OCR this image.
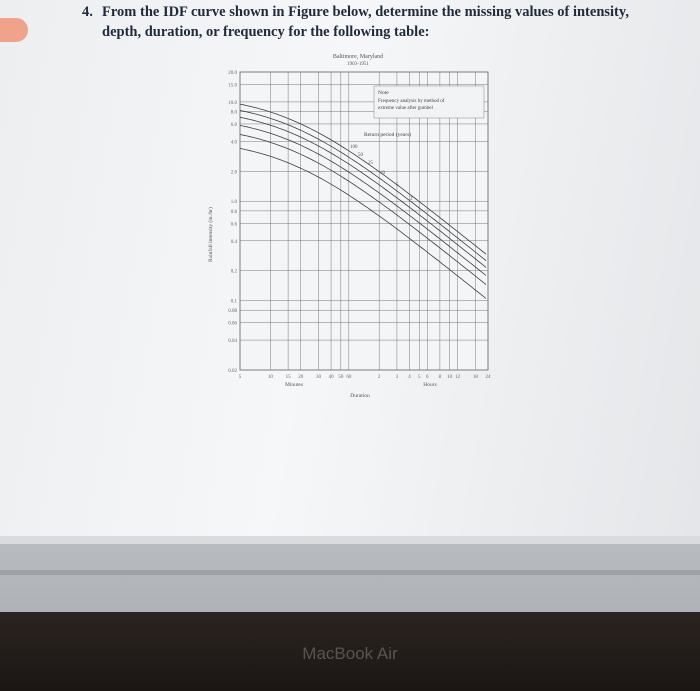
4. From the IDF curve shown in Figure below, determine the missing values of intensity,
depth, duration, or frequency for the following table:
Baltimore, Maryland
1903-1951
Note
Frequency analysis by method of
extreme value after gumbel
Return period (years)
Rainfall intensity (in./hr)
Minutes	Hours
Duration
20.0
15.0
10.0
8.0
6.0
4.0
2.0
1.0
0.8
0.6
0.4
0.2
0.1
0.08
0.06
0.04
0.02
5	10	15 20	30 40 50 60	2	3 4 5 6 8 10 12	18 24
100
50
25
10
5
2
MacBook Air
